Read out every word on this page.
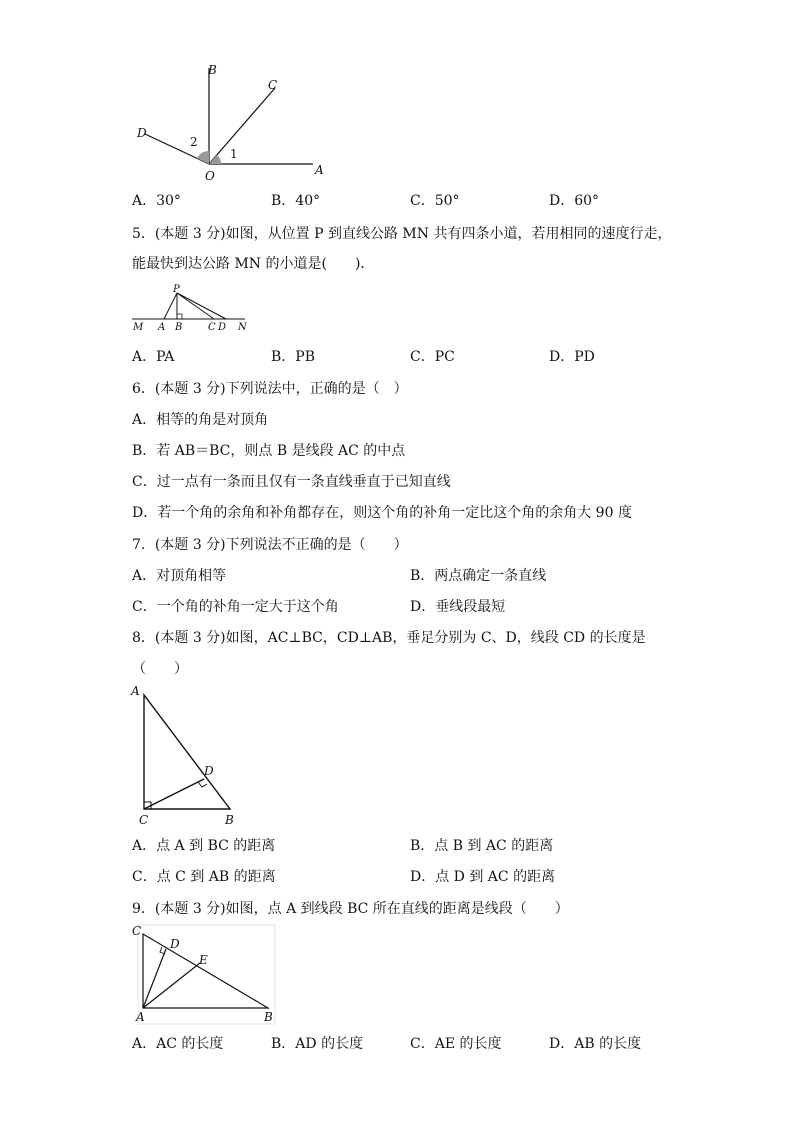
B
C
D
A
O
1
2
A．30°	B．40°	C．50°	D．60°
5．(本题 3 分)如图，从位置 P 到直线公路 MN 共有四条小道，若用相同的速度行走，
能最快到达公路 MN 的小道是(　　)．
P
M A B	C D N
A．PA	B．PB	C．PC	D．PD
6．(本题 3 分)下列说法中，正确的是（　）
A．相等的角是对顶角
B．若 AB＝BC，则点 B 是线段 AC 的中点
C．过一点有一条而且仅有一条直线垂直于已知直线
D．若一个角的余角和补角都存在，则这个角的补角一定比这个角的余角大 90 度
7．(本题 3 分)下列说法不正确的是（　　）
A．对顶角相等	B．两点确定一条直线
C．一个角的补角一定大于这个角	D．垂线段最短
8．(本题 3 分)如图，AC⊥BC，CD⊥AB，垂足分别为 C、D，线段 CD 的长度是
（　　）
A
D
C	B
A．点 A 到 BC 的距离	B．点 B 到 AC 的距离
C．点 C 到 AB 的距离	D．点 D 到 AC 的距离
9．(本题 3 分)如图，点 A 到线段 BC 所在直线的距离是线段（　　）
C
D
E
A	B
A．AC 的长度	B．AD 的长度	C．AE 的长度	D．AB 的长度
